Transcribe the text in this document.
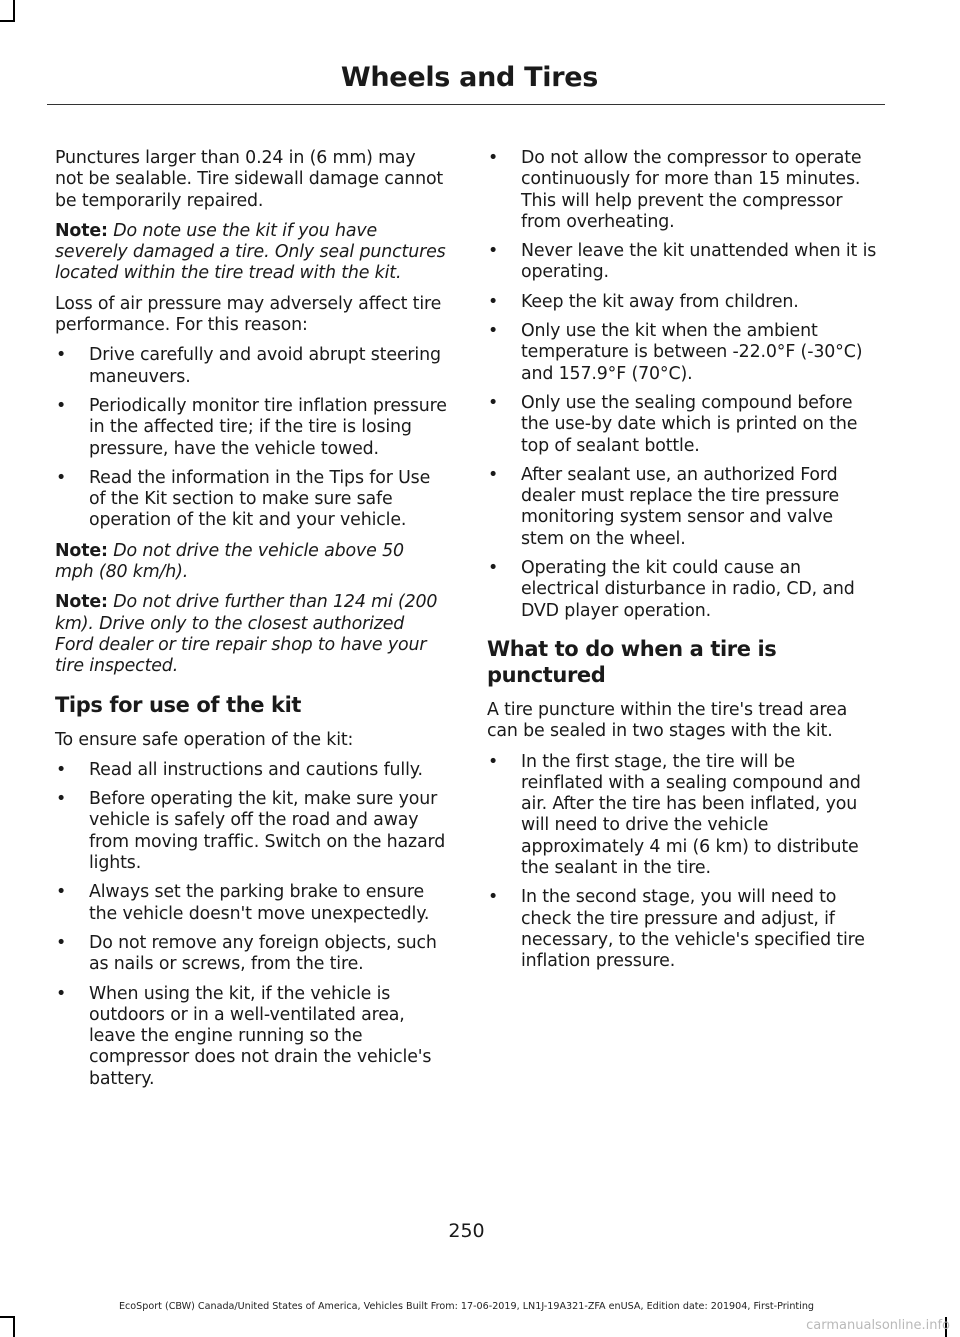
Wheels and Tires

Punctures larger than 0.24 in (6 mm) may not be sealable. Tire sidewall damage cannot be temporarily repaired.

Note: Do note use the kit if you have severely damaged a tire. Only seal punctures located within the tire tread with the kit.

Loss of air pressure may adversely affect tire performance. For this reason:

• Drive carefully and avoid abrupt steering maneuvers.
• Periodically monitor tire inflation pressure in the affected tire; if the tire is losing pressure, have the vehicle towed.
• Read the information in the Tips for Use of the Kit section to make sure safe operation of the kit and your vehicle.

Note: Do not drive the vehicle above 50 mph (80 km/h).

Note: Do not drive further than 124 mi (200 km). Drive only to the closest authorized Ford dealer or tire repair shop to have your tire inspected.

Tips for use of the kit

To ensure safe operation of the kit:

• Read all instructions and cautions fully.
• Before operating the kit, make sure your vehicle is safely off the road and away from moving traffic. Switch on the hazard lights.
• Always set the parking brake to ensure the vehicle doesn't move unexpectedly.
• Do not remove any foreign objects, such as nails or screws, from the tire.
• When using the kit, if the vehicle is outdoors or in a well-ventilated area, leave the engine running so the compressor does not drain the vehicle's battery.
• Do not allow the compressor to operate continuously for more than 15 minutes. This will help prevent the compressor from overheating.
• Never leave the kit unattended when it is operating.
• Keep the kit away from children.
• Only use the kit when the ambient temperature is between -22.0°F (-30°C) and 157.9°F (70°C).
• Only use the sealing compound before the use-by date which is printed on the top of sealant bottle.
• After sealant use, an authorized Ford dealer must replace the tire pressure monitoring system sensor and valve stem on the wheel.
• Operating the kit could cause an electrical disturbance in radio, CD, and DVD player operation.
What to do when a tire is punctured

A tire puncture within the tire's tread area can be sealed in two stages with the kit.

• In the first stage, the tire will be reinflated with a sealing compound and air. After the tire has been inflated, you will need to drive the vehicle approximately 4 mi (6 km) to distribute the sealant in the tire.
• In the second stage, you will need to check the tire pressure and adjust, if necessary, to the vehicle's specified tire inflation pressure.
250
EcoSport (CBW) Canada/United States of America, Vehicles Built From: 17-06-2019, LN1J-19A321-ZFA enUSA, Edition date: 201904, First-Printing
carmanualsonline.info
